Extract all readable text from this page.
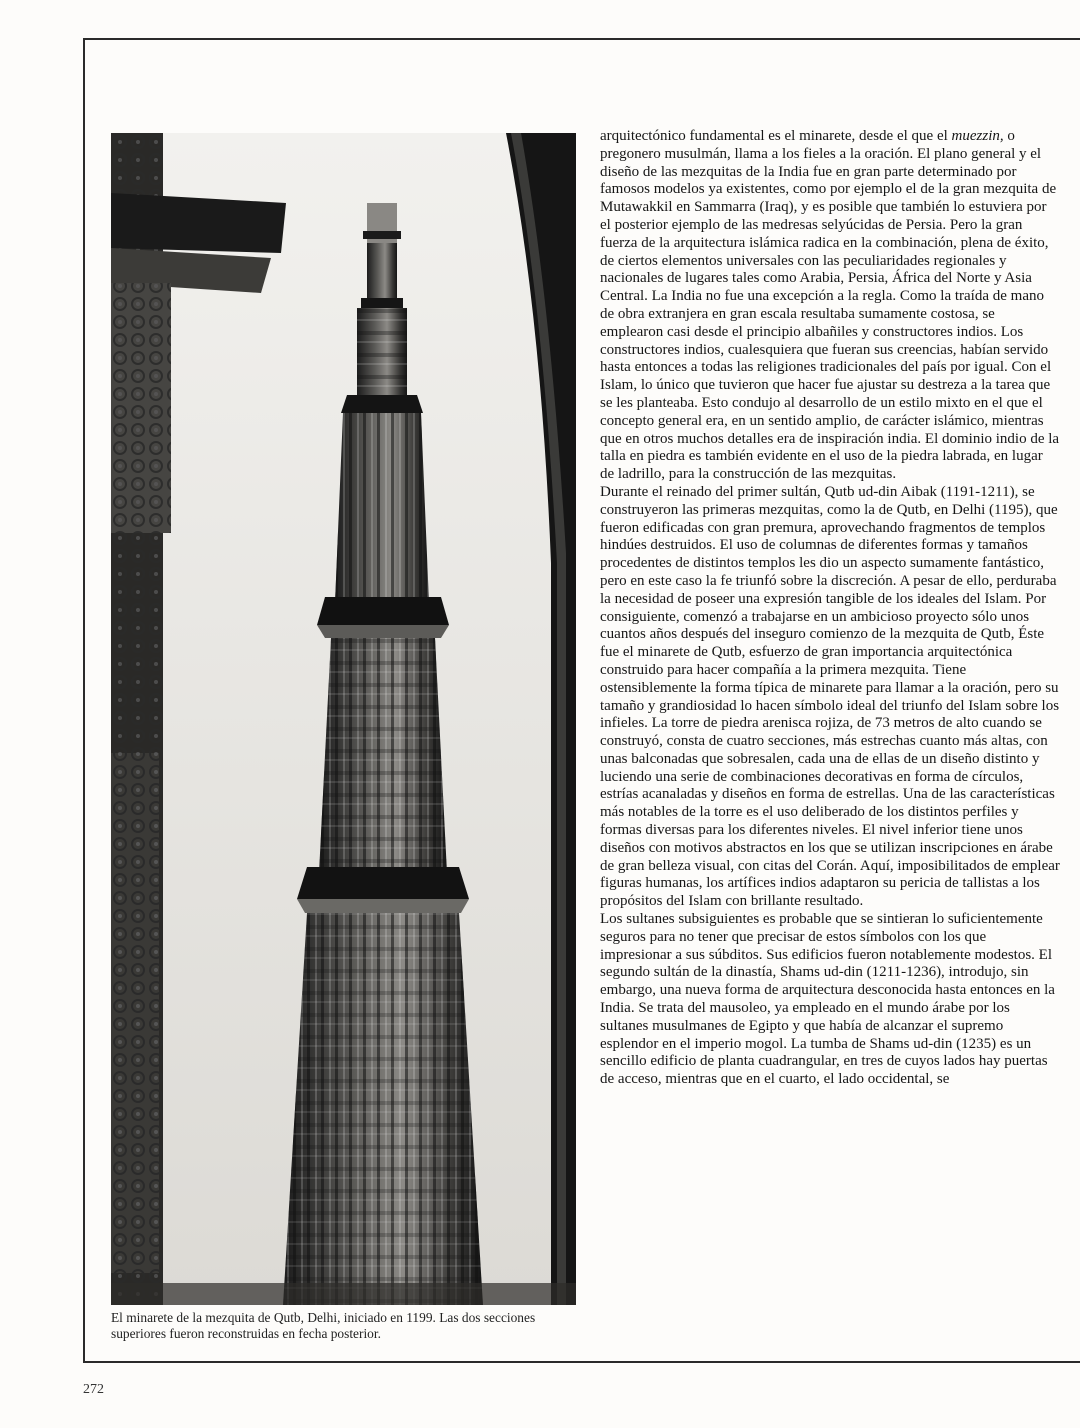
El minarete de la mezquita de Qutb, Delhi, iniciado en 1199. Las dos secciones superiores fueron reconstruidas en fecha posterior.

arquitectónico fundamental es el minarete, desde el que el muezzin, o pregonero musulmán, llama a los fieles a la oración. El plano general y el diseño de las mezquitas de la India fue en gran parte determinado por famosos modelos ya existentes, como por ejemplo el de la gran mezquita de Mutawakkil en Sammarra (Iraq), y es posible que también lo estuviera por el posterior ejemplo de las medresas selyúcidas de Persia. Pero la gran fuerza de la arquitectura islámica radica en la combinación, plena de éxito, de ciertos elementos universales con las peculiaridades regionales y nacionales de lugares tales como Arabia, Persia, África del Norte y Asia Central. La India no fue una excepción a la regla. Como la traída de mano de obra extranjera en gran escala resultaba sumamente costosa, se emplearon casi desde el principio albañiles y constructores indios. Los constructores indios, cualesquiera que fueran sus creencias, habían servido hasta entonces a todas las religiones tradicionales del país por igual. Con el Islam, lo único que tuvieron que hacer fue ajustar su destreza a la tarea que se les planteaba. Esto condujo al desarrollo de un estilo mixto en el que el concepto general era, en un sentido amplio, de carácter islámico, mientras que en otros muchos detalles era de inspiración india. El dominio indio de la talla en piedra es también evidente en el uso de la piedra labrada, en lugar de ladrillo, para la construcción de las mezquitas.

Durante el reinado del primer sultán, Qutb ud-din Aibak (1191-1211), se construyeron las primeras mezquitas, como la de Qutb, en Delhi (1195), que fueron edificadas con gran premura, aprovechando fragmentos de templos hindúes destruidos. El uso de columnas de diferentes formas y tamaños procedentes de distintos templos les dio un aspecto sumamente fantástico, pero en este caso la fe triunfó sobre la discreción. A pesar de ello, perduraba la necesidad de poseer una expresión tangible de los ideales del Islam. Por consiguiente, comenzó a trabajarse en un ambicioso proyecto sólo unos cuantos años después del inseguro comienzo de la mezquita de Qutb, Éste fue el minarete de Qutb, esfuerzo de gran importancia arquitectónica construido para hacer compañía a la primera mezquita. Tiene ostensiblemente la forma típica de minarete para llamar a la oración, pero su tamaño y grandiosidad lo hacen símbolo ideal del triunfo del Islam sobre los infieles. La torre de piedra arenisca rojiza, de 73 metros de alto cuando se construyó, consta de cuatro secciones, más estrechas cuanto más altas, con unas balconadas que sobresalen, cada una de ellas de un diseño distinto y luciendo una serie de combinaciones decorativas en forma de círculos, estrías acanaladas y diseños en forma de estrellas. Una de las características más notables de la torre es el uso deliberado de los distintos perfiles y formas diversas para los diferentes niveles. El nivel inferior tiene unos diseños con motivos abstractos en los que se utilizan inscripciones en árabe de gran belleza visual, con citas del Corán. Aquí, imposibilitados de emplear figuras humanas, los artífices indios adaptaron su pericia de tallistas a los propósitos del Islam con brillante resultado.

Los sultanes subsiguientes es probable que se sintieran lo suficientemente seguros para no tener que precisar de estos símbolos con los que impresionar a sus súbditos. Sus edificios fueron notablemente modestos. El segundo sultán de la dinastía, Shams ud-din (1211-1236), introdujo, sin embargo, una nueva forma de arquitectura desconocida hasta entonces en la India. Se trata del mausoleo, ya empleado en el mundo árabe por los sultanes musulmanes de Egipto y que había de alcanzar el supremo esplendor en el imperio mogol. La tumba de Shams ud-din (1235) es un sencillo edificio de planta cuadrangular, en tres de cuyos lados hay puertas de acceso, mientras que en el cuarto, el lado occidental, se

272
